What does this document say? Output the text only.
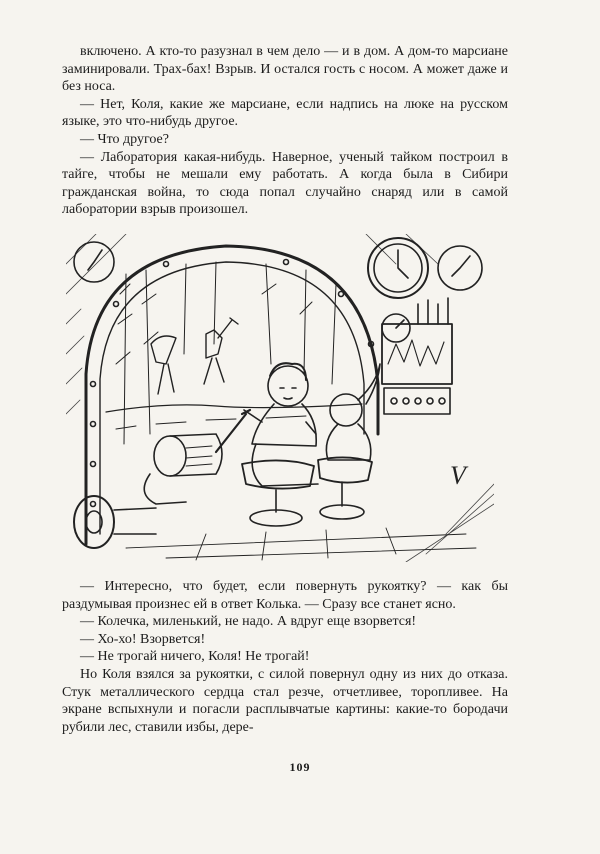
включено. А кто-то разузнал в чем дело — и в дом. А дом-то марсиане заминировали. Трах-бах! Взрыв. И остался гость с носом. А может даже и без носа.

— Нет, Коля, какие же марсиане, если надпись на люке на русском языке, это что-нибудь другое.

— Что другое?

— Лаборатория какая-нибудь. Наверное, ученый тайком построил в тайге, чтобы не мешали ему работать. А когда была в Сибири гражданская война, то сюда попал случайно снаряд или в самой лаборатории взрыв произошел.

V

— Интересно, что будет, если повернуть рукоятку? — как бы раздумывая произнес ей в ответ Колька. — Сразу все станет ясно.

— Колечка, миленький, не надо. А вдруг еще взорвется!

— Хо-хо! Взорвется!

— Не трогай ничего, Коля! Не трогай!

Но Коля взялся за рукоятки, с силой повернул одну из них до отказа. Стук металлического сердца стал резче, отчетливее, торопливее. На экране вспыхнули и погасли расплывчатые картины: какие-то бородачи рубили лес, ставили избы, дере-

109
